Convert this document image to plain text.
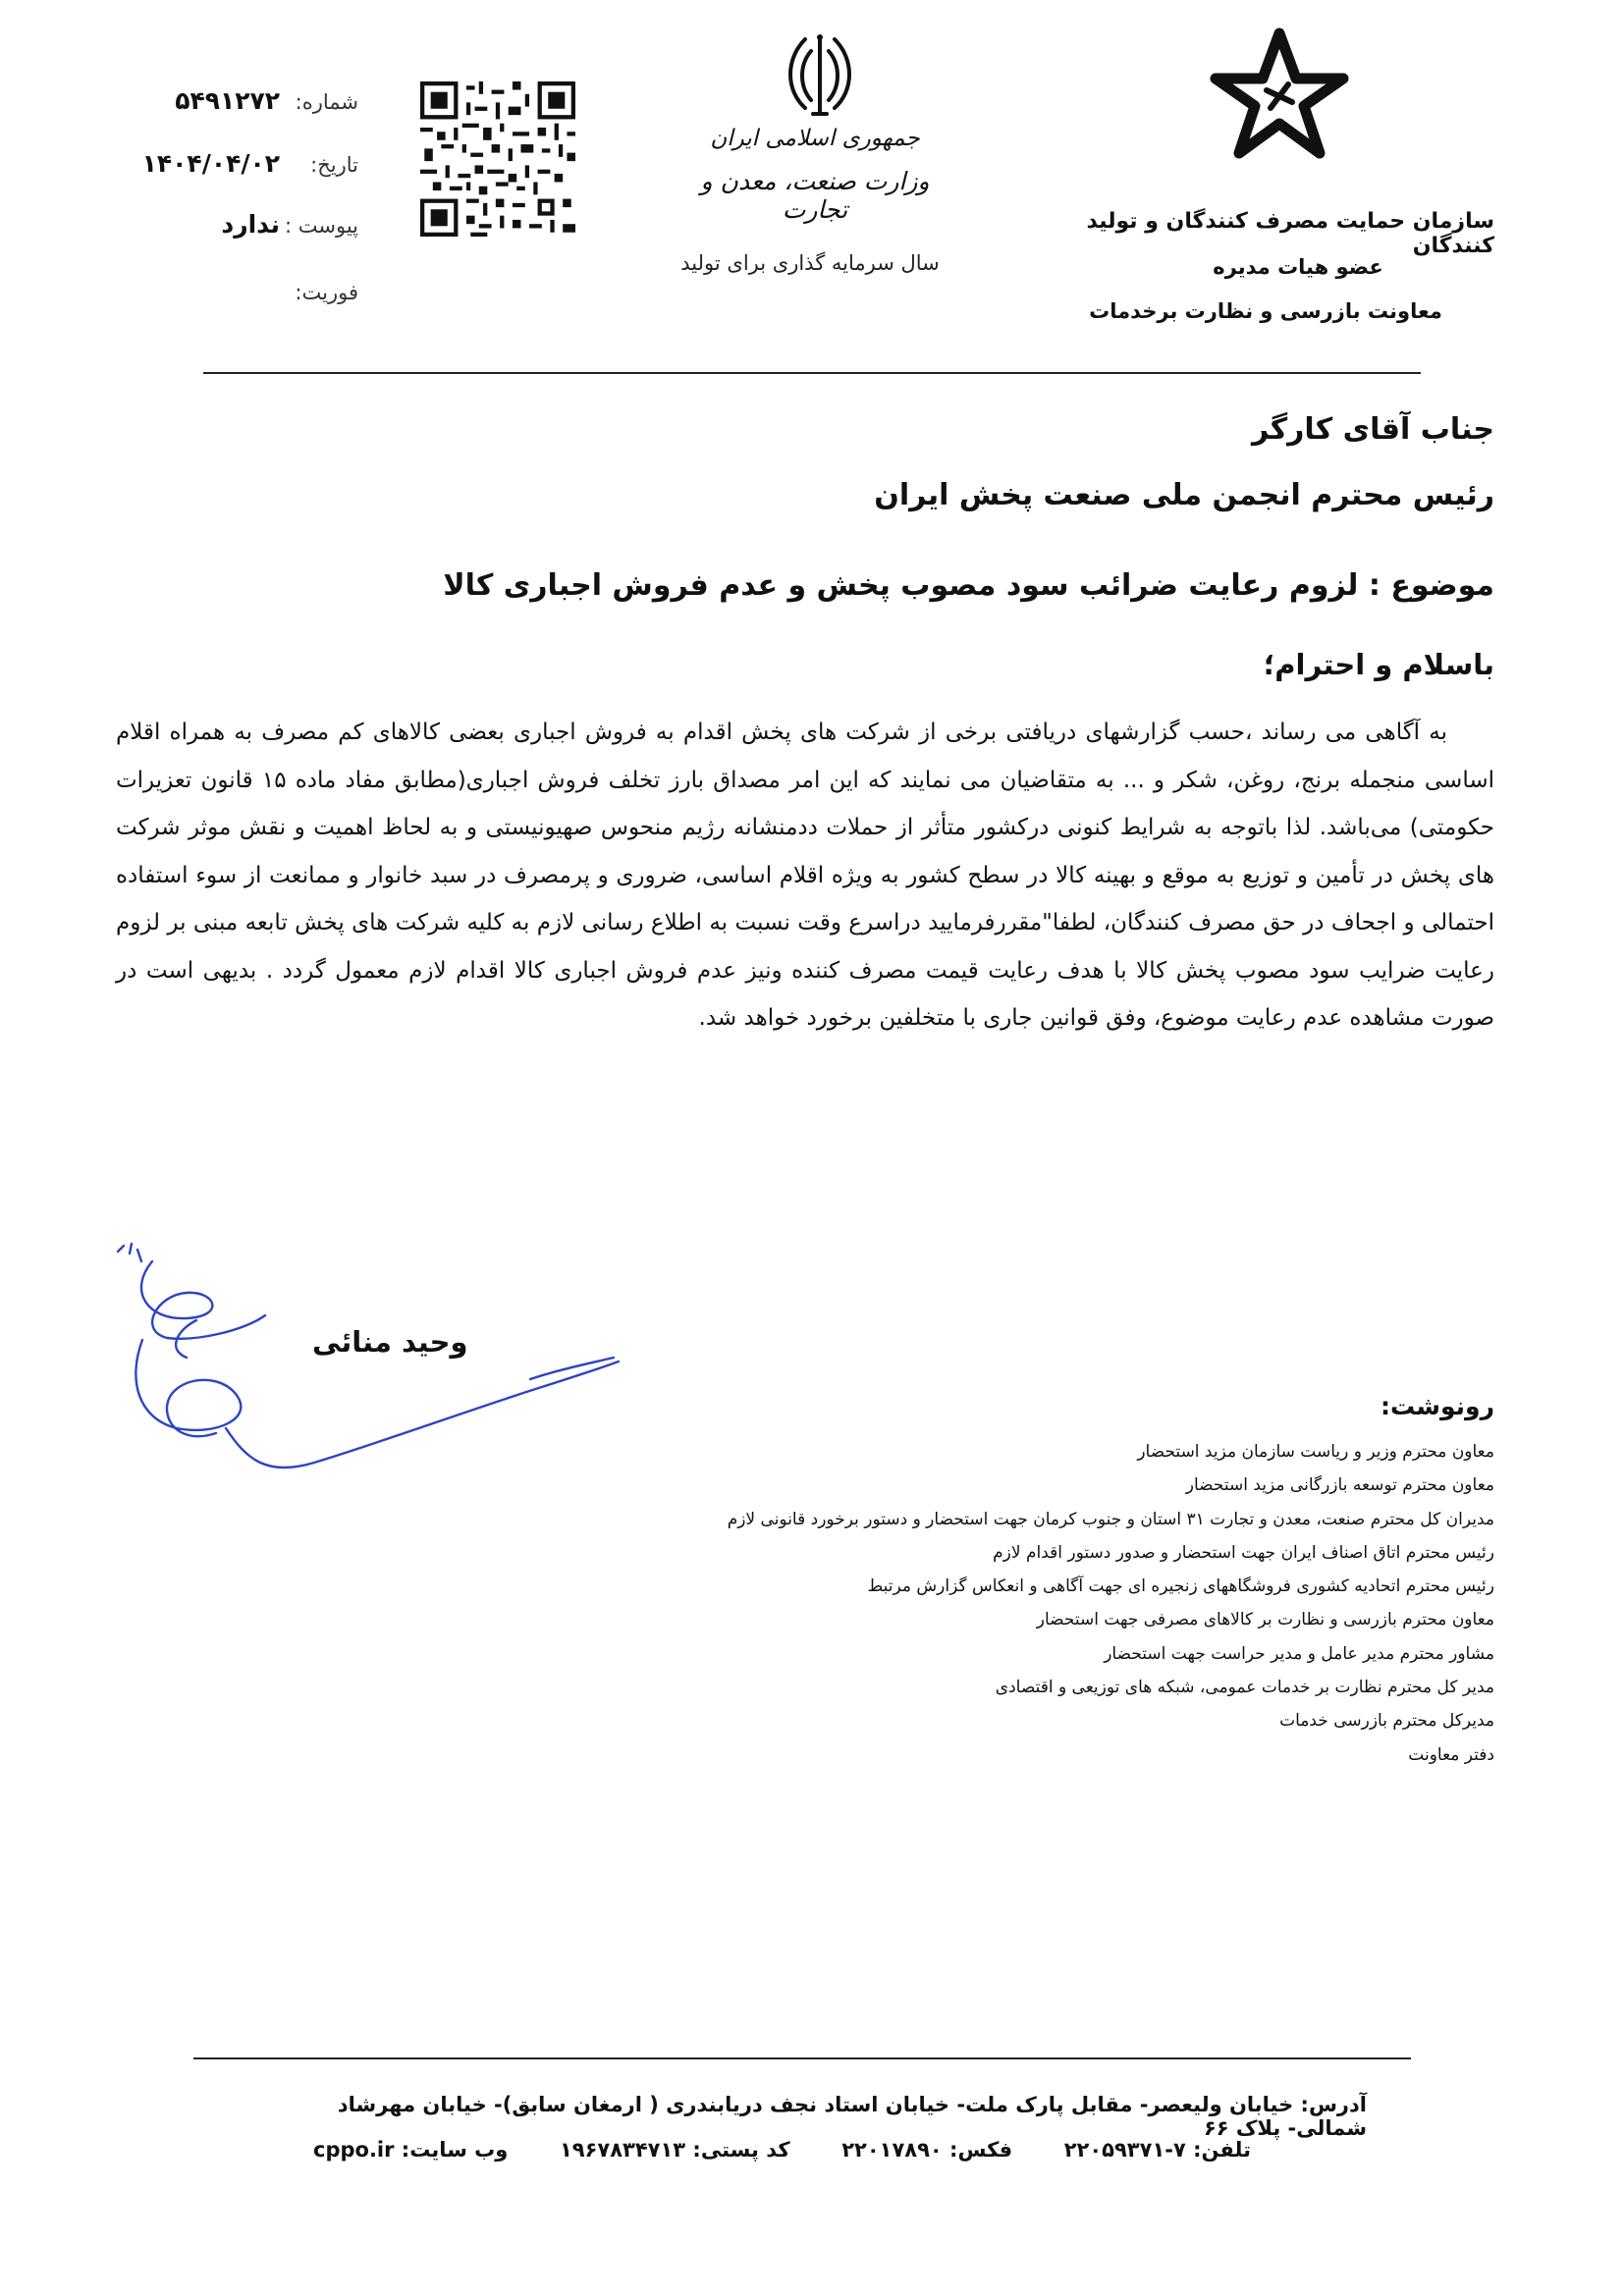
شماره:
۵۴۹۱۲۷۲
تاریخ:
۱۴۰۴/۰۴/۰۲
پیوست :
ندارد
فوریت:
جمهوری اسلامی ایران
وزارت صنعت، معدن و تجارت
سال سرمایه گذاری برای تولید
سازمان حمایت مصرف کنندگان و تولید کنندگان
عضو هیات مدیره
معاونت بازرسی و نظارت برخدمات
جناب آقای کارگر
رئیس محترم انجمن ملی صنعت پخش ایران
موضوع : لزوم رعایت ضرائب سود مصوب پخش و عدم فروش اجباری کالا
باسلام و احترام؛
به آگاهی می رساند ،حسب گزارشهای دریافتی برخی از شرکت های پخش اقدام به فروش اجباری بعضی کالاهای کم مصرف به همراه اقلام اساسی منجمله برنج، روغن، شکر و ... به متقاضیان می نمایند که این امر مصداق بارز تخلف فروش اجباری(مطابق مفاد ماده ۱۵ قانون تعزیرات حکومتی) می‌باشد. لذا باتوجه به شرایط کنونی درکشور متأثر از حملات ددمنشانه رژیم منحوس صهیونیستی و به لحاظ اهمیت و نقش موثر شرکت های پخش در تأمین و توزیع به موقع و بهینه کالا در سطح کشور به ویژه اقلام اساسی، ضروری و پرمصرف در سبد خانوار و ممانعت از سوء استفاده احتمالی و اجحاف در حق مصرف کنندگان، لطفا"مقررفرمایید دراسرع وقت نسبت به اطلاع رسانی لازم به کلیه شرکت های پخش تابعه مبنی بر لزوم رعایت ضرایب سود مصوب پخش کالا با هدف رعایت قیمت مصرف کننده ونیز عدم فروش اجباری کالا اقدام لازم معمول گردد . بدیهی است در صورت مشاهده عدم رعایت موضوع، وفق قوانین جاری با متخلفین برخورد خواهد شد.
وحید منائی
رونوشت:
معاون محترم وزیر و ریاست سازمان مزید استحضار
معاون محترم توسعه بازرگانی مزید استحضار
مدیران کل محترم صنعت، معدن و تجارت ۳۱ استان و جنوب کرمان جهت استحضار و دستور برخورد قانونی لازم
رئیس محترم اتاق اصناف ایران جهت استحضار و صدور دستور اقدام لازم
رئیس محترم اتحادیه کشوری فروشگاههای زنجیره ای جهت آگاهی و انعکاس گزارش مرتبط
معاون محترم بازرسی و نظارت بر کالاهای مصرفی جهت استحضار
مشاور محترم مدیر عامل و مدیر حراست جهت استحضار
مدیر کل محترم نظارت بر خدمات عمومی، شبکه های توزیعی و اقتصادی
مدیرکل محترم بازرسی خدمات
دفتر معاونت
آدرس: خیابان ولیعصر- مقابل پارک ملت- خیابان استاد نجف دریابندری ( ارمغان سابق)- خیابان مهرشاد شمالی- پلاک ۶۶
تلفن: ۷-۲۲۰۵۹۳۷۱  فکس: ۲۲۰۱۷۸۹۰  کد پستی: ۱۹۶۷۸۳۴۷۱۳  وب سایت: cppo.ir
